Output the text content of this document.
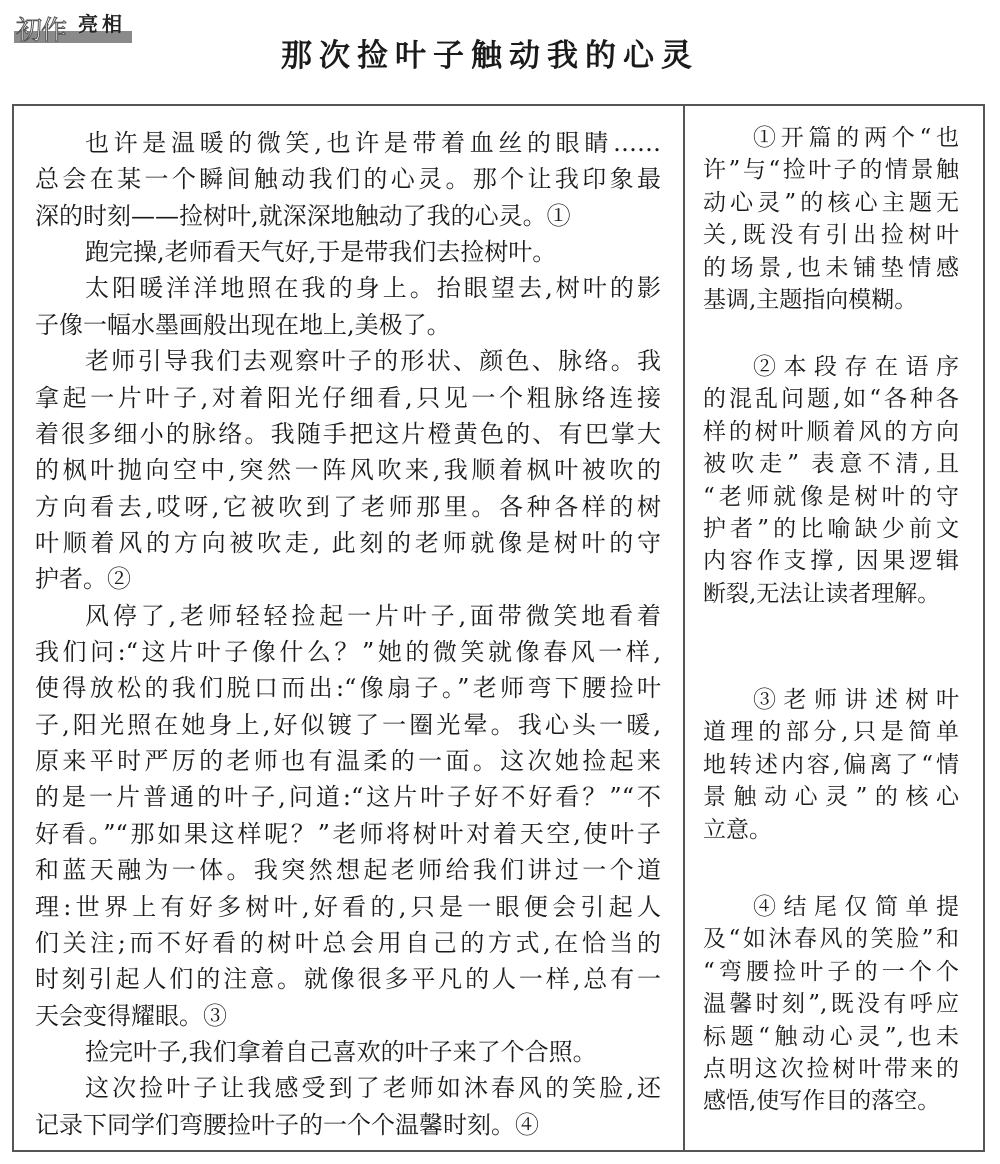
初作 亮相
那次捡叶子触动我的心灵
也许是温暖的微笑,也许是带着血丝的眼睛……
总会在某一个瞬间触动我们的心灵。那个让我印象最
深的时刻——捡树叶,就深深地触动了我的心灵。①
跑完操,老师看天气好,于是带我们去捡树叶。
太阳暖洋洋地照在我的身上。抬眼望去,树叶的影
子像一幅水墨画般出现在地上,美极了。
老师引导我们去观察叶子的形状、颜色、脉络。我
拿起一片叶子,对着阳光仔细看,只见一个粗脉络连接
着很多细小的脉络。我随手把这片橙黄色的、有巴掌大
的枫叶抛向空中,突然一阵风吹来,我顺着枫叶被吹的
方向看去,哎呀,它被吹到了老师那里。各种各样的树
叶顺着风的方向被吹走, 此刻的老师就像是树叶的守
护者。②
风停了,老师轻轻捡起一片叶子,面带微笑地看着
我们问:“这片叶子像什么？”她的微笑就像春风一样,
使得放松的我们脱口而出:“像扇子。”老师弯下腰捡叶
子,阳光照在她身上,好似镀了一圈光晕。我心头一暖,
原来平时严厉的老师也有温柔的一面。这次她捡起来
的是一片普通的叶子,问道:“这片叶子好不好看？”“不
好看。”“那如果这样呢？”老师将树叶对着天空,使叶子
和蓝天融为一体。我突然想起老师给我们讲过一个道
理:世界上有好多树叶,好看的,只是一眼便会引起人
们关注;而不好看的树叶总会用自己的方式,在恰当的
时刻引起人们的注意。就像很多平凡的人一样,总有一
天会变得耀眼。③
捡完叶子,我们拿着自己喜欢的叶子来了个合照。
这次捡叶子让我感受到了老师如沐春风的笑脸,还
记录下同学们弯腰捡叶子的一个个温馨时刻。④
①开篇的两个“也
许”与“捡叶子的情景触
动心灵”的核心主题无
关,既没有引出捡树叶
的场景,也未铺垫情感
基调,主题指向模糊。
②本段存在语序
的混乱问题,如“各种各
样的树叶顺着风的方向
被吹走” 表意不清,且
“老师就像是树叶的守
护者”的比喻缺少前文
内容作支撑, 因果逻辑
断裂,无法让读者理解。
③老师讲述树叶
道理的部分,只是简单
地转述内容,偏离了“情
景触动心灵”的核心
立意。
④结尾仅简单提
及“如沐春风的笑脸”和
“弯腰捡叶子的一个个
温馨时刻”,既没有呼应
标题“触动心灵”,也未
点明这次捡树叶带来的
感悟,使写作目的落空。
